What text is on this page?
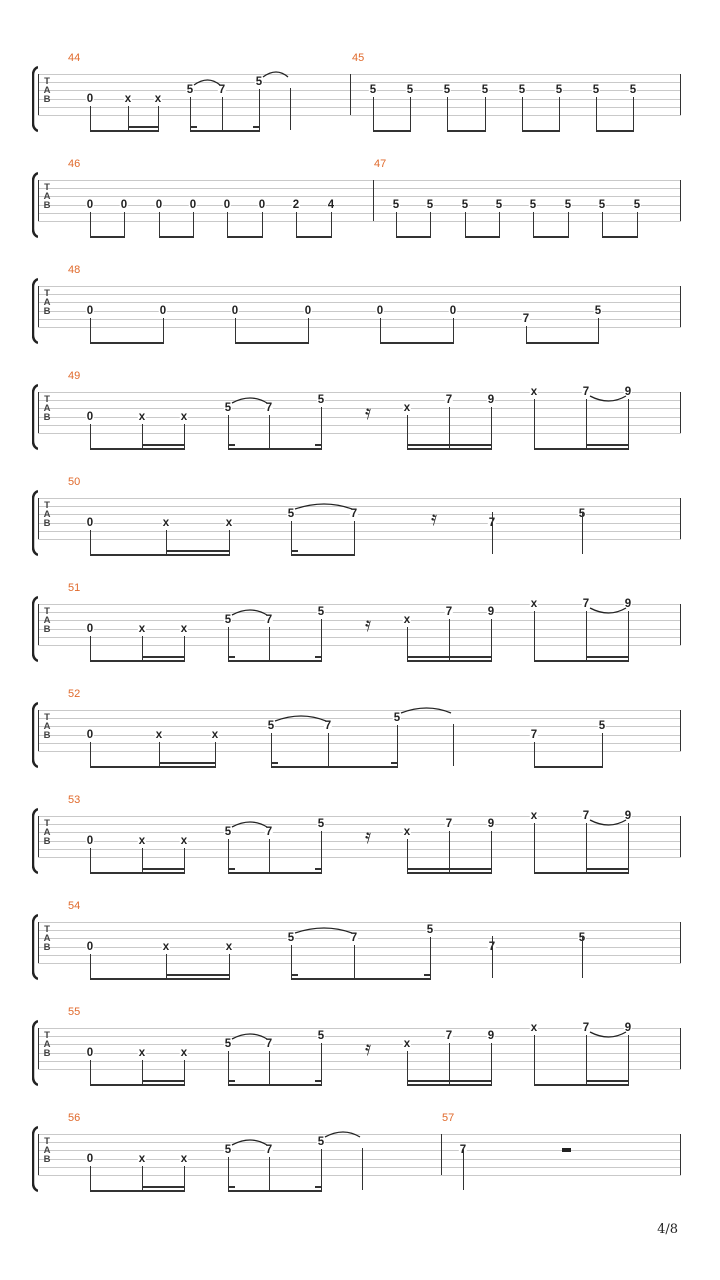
T
A
B
44
0	x x
5 7
5
45
5	5	5	5	5	5	5	5
T
A
B
46
0 0 0 0 0 0 2 4
47
5 5 5 5 5 5 5 5
T
A
B
48
0	0	0	0	0	0
7
5
T
A
B
49
0	x	x
5	7
5
x
7	9
x	7	9
𝄿
T
A
B
50
0	x	x
5	7
7
5
𝄿
T
A
B
51
0	x	x
5	7
5
x
7	9
x	7	9
𝄿
T
A
B
52
0	x	x
5	7
5
7
5
T
A
B
53
0	x	x
5	7
5
x
7	9
x	7	9
𝄿
T
A
B
54
0	x	x
5	7
5
7
5
T
A
B
55
0	x	x
5	7
5
x
7	9
x	7	9
𝄿
T
A
B
56
0	x	x
5	7
5
57
7
4/8
